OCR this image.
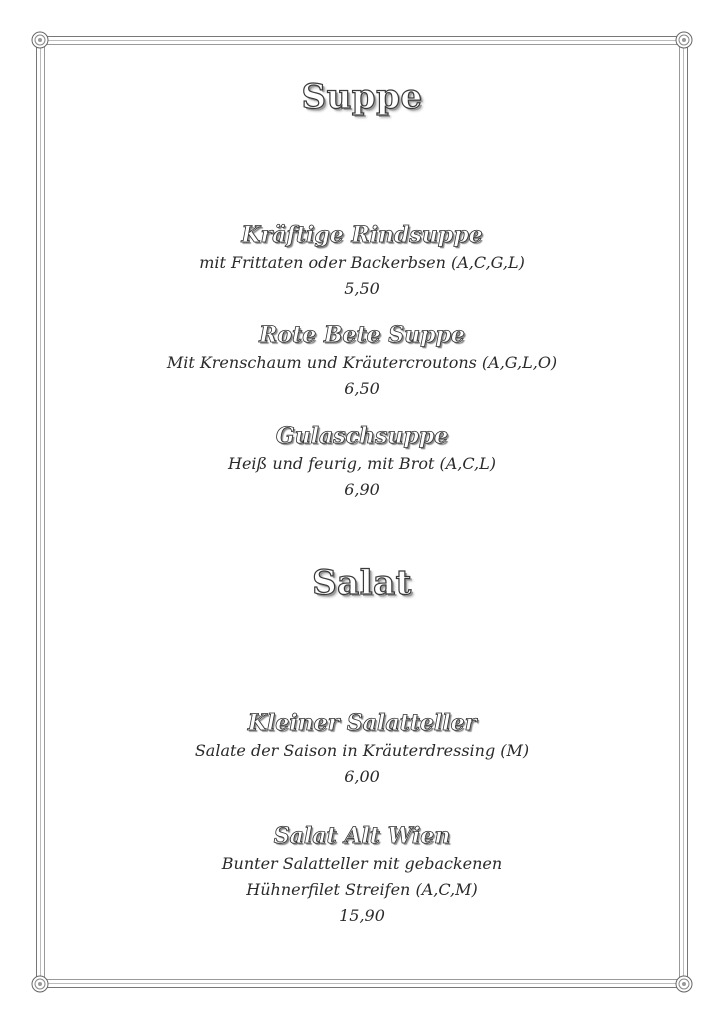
Suppe

Kräftige Rindsuppe

mit Frittaten oder Backerbsen (A,C,G,L)

5,50

Rote Bete Suppe

Mit Krenschaum und Kräutercroutons (A,G,L,O)

6,50

Gulaschsuppe

Heiß und feurig, mit Brot (A,C,L)

6,90

Salat

Kleiner Salatteller

Salate der Saison in Kräuterdressing (M)

6,00

Salat Alt Wien

Bunter Salatteller mit gebackenen

Hühnerfilet Streifen (A,C,M)

15,90
